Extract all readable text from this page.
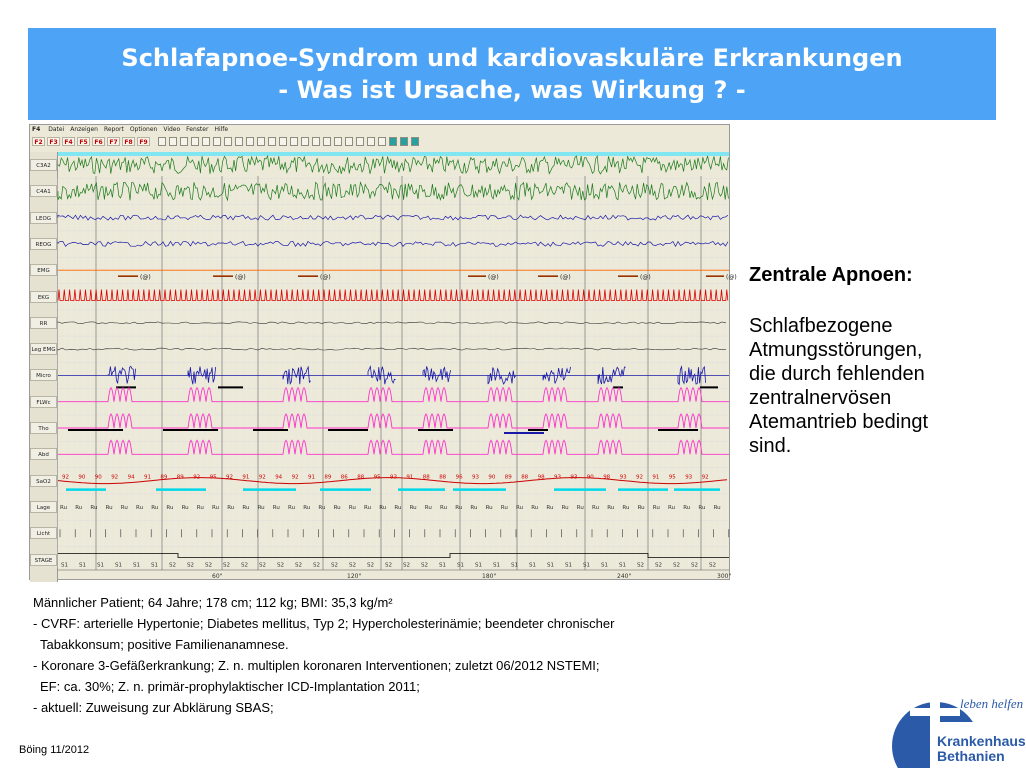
Schlafapnoe-Syndrom und kardiovaskuläre Erkrankungen
- Was ist Ursache, was Wirkung ? -
F4 Datei Anzeigen Report Optionen Video Fenster Hilfe
F2	F3	F4	F5	F6	F7	F8	F9
C3A2
C4A1
LEOG
REOG
EMG
EKG
RR
Leg EMG
Micro
FLWc
Tho
Abd
SaO2
Lage
Licht
STAGE
(@)	(@)	(@)	(@)	(@)	(@)	(@)
92 90 90 92 94 91 89 89 92 95 92 91 92 94 92 91 89 86 88 95 93 91 88 88 96 93 90 89 88 98 93 93 90 98 93 92 91 95 93 92
Ru Ru Ru Ru Ru Ru Ru Ru Ru Ru Ru Ru Ru Ru Ru Ru Ru Ru Ru Ru Ru Ru Ru Ru Ru Ru Ru Ru Ru Ru Ru Ru Ru Ru Ru Ru Ru Ru Ru Ru Ru Ru Ru Ru
S1 S1 S1 S1 S1 S1 S2 S2 S2 S2 S2 S2 S2 S2 S2 S2 S2 S2 S2 S2 S2 S1 S1 S1 S1 S1 S1 S1 S1 S1 S1 S1 S2 S2 S2 S2 S2
60"	120"	180"	240"	300"
Zentrale Apnoen:
Schlafbezogene
Atmungsstörungen,
die durch fehlenden
zentralnervösen
Atemantrieb bedingt
sind.
Männlicher Patient; 64 Jahre; 178 cm; 112 kg; BMI: 35,3 kg/m²
- CVRF: arterielle Hypertonie; Diabetes mellitus, Typ 2; Hypercholesterinämie; beendeter chronischer
Tabakkonsum; positive Familienanamnese.
- Koronare 3-Gefäßerkrankung; Z. n. multiplen koronaren Interventionen; zuletzt 06/2012 NSTEMI;
EF: ca. 30%; Z. n. primär-prophylaktischer ICD-Implantation 2011;
- aktuell: Zuweisung zur Abklärung SBAS;
Böing 11/2012
leben helfen
Krankenhaus
Bethanien
